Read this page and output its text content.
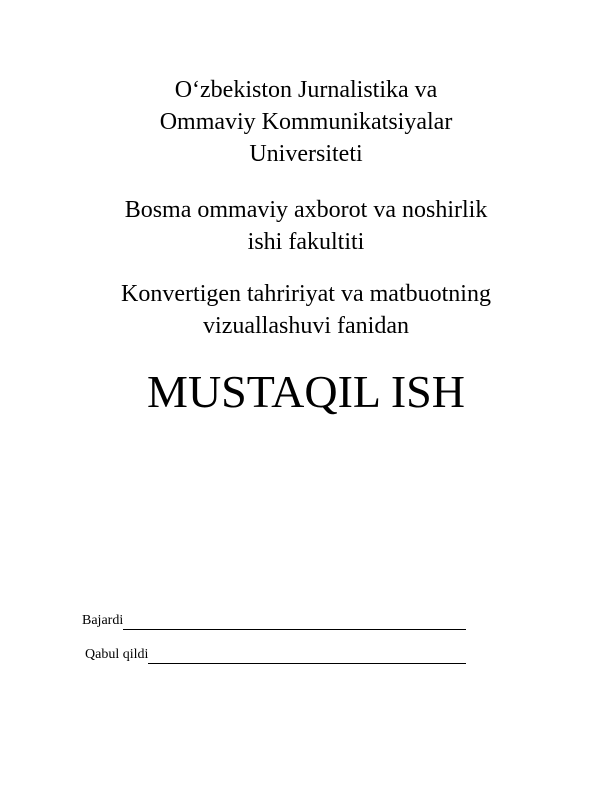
O‘zbekiston Jurnalistika va
Ommaviy Kommunikatsiyalar
Universiteti
Bosma ommaviy axborot va noshirlik
ishi fakultiti
Konvertigen tahririyat va matbuotning
vizuallashuvi fanidan
MUSTAQIL ISH
Bajardi
Qabul qildi
